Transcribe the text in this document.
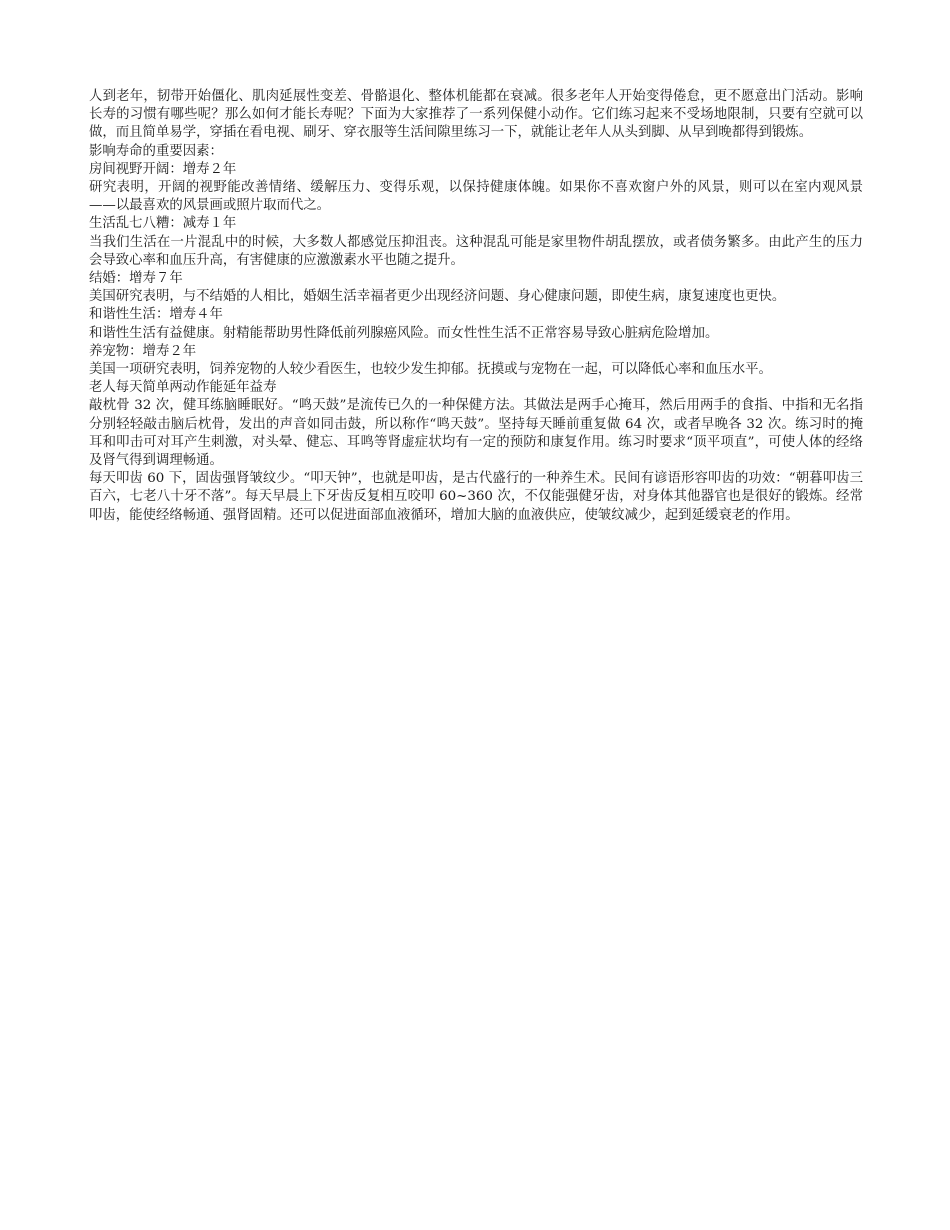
人到老年，韧带开始僵化、肌肉延展性变差、骨骼退化、整体机能都在衰减。很多老年人开始变得倦怠，更不愿意出门活动。影响长寿的习惯有哪些呢？那么如何才能长寿呢？下面为大家推荐了一系列保健小动作。它们练习起来不受场地限制，只要有空就可以做，而且简单易学，穿插在看电视、刷牙、穿衣服等生活间隙里练习一下，就能让老年人从头到脚、从早到晚都得到锻炼。

影响寿命的重要因素：

房间视野开阔：增寿２年

研究表明，开阔的视野能改善情绪、缓解压力、变得乐观，以保持健康体魄。如果你不喜欢窗户外的风景，则可以在室内观风景——以最喜欢的风景画或照片取而代之。

生活乱七八糟：减寿１年

当我们生活在一片混乱中的时候，大多数人都感觉压抑沮丧。这种混乱可能是家里物件胡乱摆放，或者债务繁多。由此产生的压力会导致心率和血压升高，有害健康的应激激素水平也随之提升。

结婚：增寿７年

美国研究表明，与不结婚的人相比，婚姻生活幸福者更少出现经济问题、身心健康问题，即使生病，康复速度也更快。

和谐性生活：增寿４年

和谐性生活有益健康。射精能帮助男性降低前列腺癌风险。而女性性生活不正常容易导致心脏病危险增加。

养宠物：增寿２年

美国一项研究表明，饲养宠物的人较少看医生，也较少发生抑郁。抚摸或与宠物在一起，可以降低心率和血压水平。

老人每天简单两动作能延年益寿

敲枕骨 32 次，健耳练脑睡眠好。“鸣天鼓”是流传已久的一种保健方法。其做法是两手心掩耳，然后用两手的食指、中指和无名指分别轻轻敲击脑后枕骨，发出的声音如同击鼓，所以称作“鸣天鼓”。坚持每天睡前重复做 64 次，或者早晚各 32 次。练习时的掩耳和叩击可对耳产生刺激，对头晕、健忘、耳鸣等肾虚症状均有一定的预防和康复作用。练习时要求“顶平项直”，可使人体的经络及肾气得到调理畅通。

每天叩齿 60 下，固齿强肾皱纹少。“叩天钟”，也就是叩齿，是古代盛行的一种养生术。民间有谚语形容叩齿的功效：“朝暮叩齿三百六，七老八十牙不落”。每天早晨上下牙齿反复相互咬叩 60~360 次，不仅能强健牙齿，对身体其他器官也是很好的锻炼。经常叩齿，能使经络畅通、强肾固精。还可以促进面部血液循环，增加大脑的血液供应，使皱纹减少，起到延缓衰老的作用。
